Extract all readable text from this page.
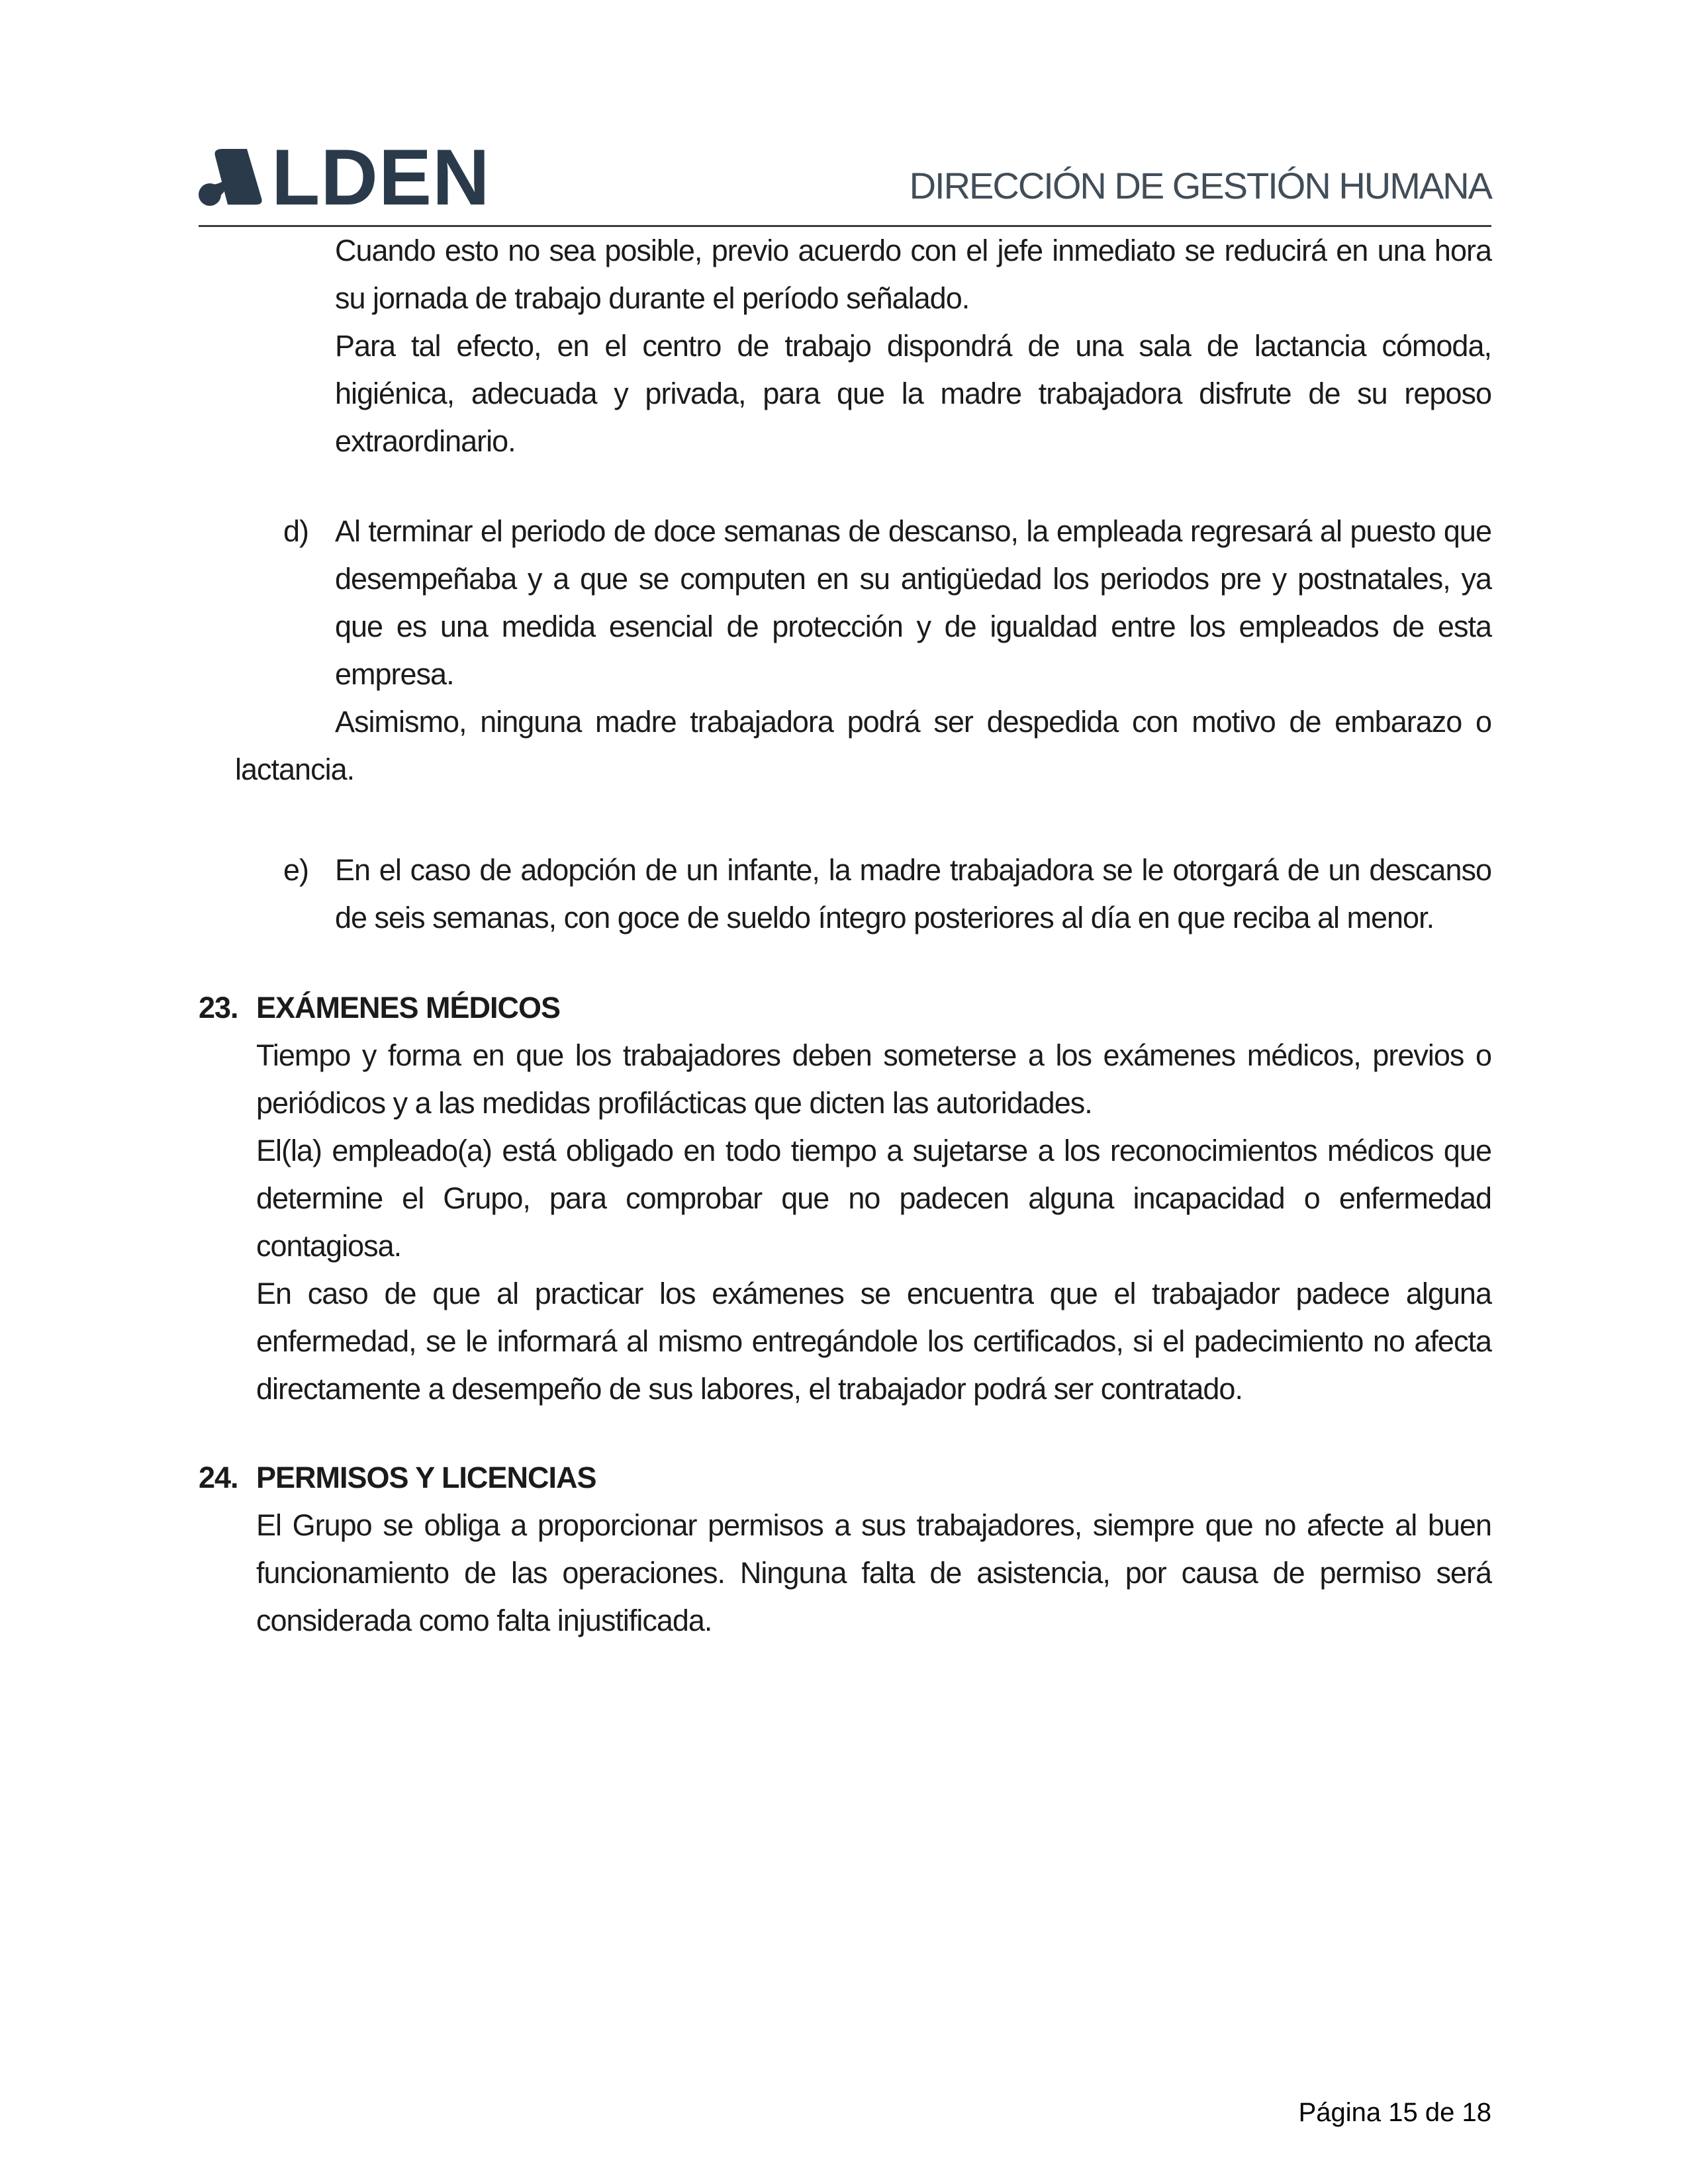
LDEN	DIRECCIÓN DE GESTIÓN HUMANA

Cuando esto no sea posible, previo acuerdo con el jefe inmediato se reducirá en una hora su jornada de trabajo durante el período señalado.

Para tal efecto, en el centro de trabajo dispondrá de una sala de lactancia cómoda, higiénica, adecuada y privada, para que la madre trabajadora disfrute de su reposo extraordinario.

d) Al terminar el periodo de doce semanas de descanso, la empleada regresará al puesto que desempeñaba y a que se computen en su antigüedad los periodos pre y postnatales, ya que es una medida esencial de protección y de igualdad entre los empleados de esta empresa.

Asimismo, ninguna madre trabajadora podrá ser despedida con motivo de embarazo o lactancia.

e) En el caso de adopción de un infante, la madre trabajadora se le otorgará de un descanso de seis semanas, con goce de sueldo íntegro posteriores al día en que reciba al menor.

23. EXÁMENES MÉDICOS

Tiempo y forma en que los trabajadores deben someterse a los exámenes médicos, previos o periódicos y a las medidas profilácticas que dicten las autoridades.

El(la) empleado(a) está obligado en todo tiempo a sujetarse a los reconocimientos médicos que determine el Grupo, para comprobar que no padecen alguna incapacidad o enfermedad contagiosa.

En caso de que al practicar los exámenes se encuentra que el trabajador padece alguna enfermedad, se le informará al mismo entregándole los certificados, si el padecimiento no afecta directamente a desempeño de sus labores, el trabajador podrá ser contratado.

24. PERMISOS Y LICENCIAS

El Grupo se obliga a proporcionar permisos a sus trabajadores, siempre que no afecte al buen funcionamiento de las operaciones. Ninguna falta de asistencia, por causa de permiso será considerada como falta injustificada.

Página 15 de 18
